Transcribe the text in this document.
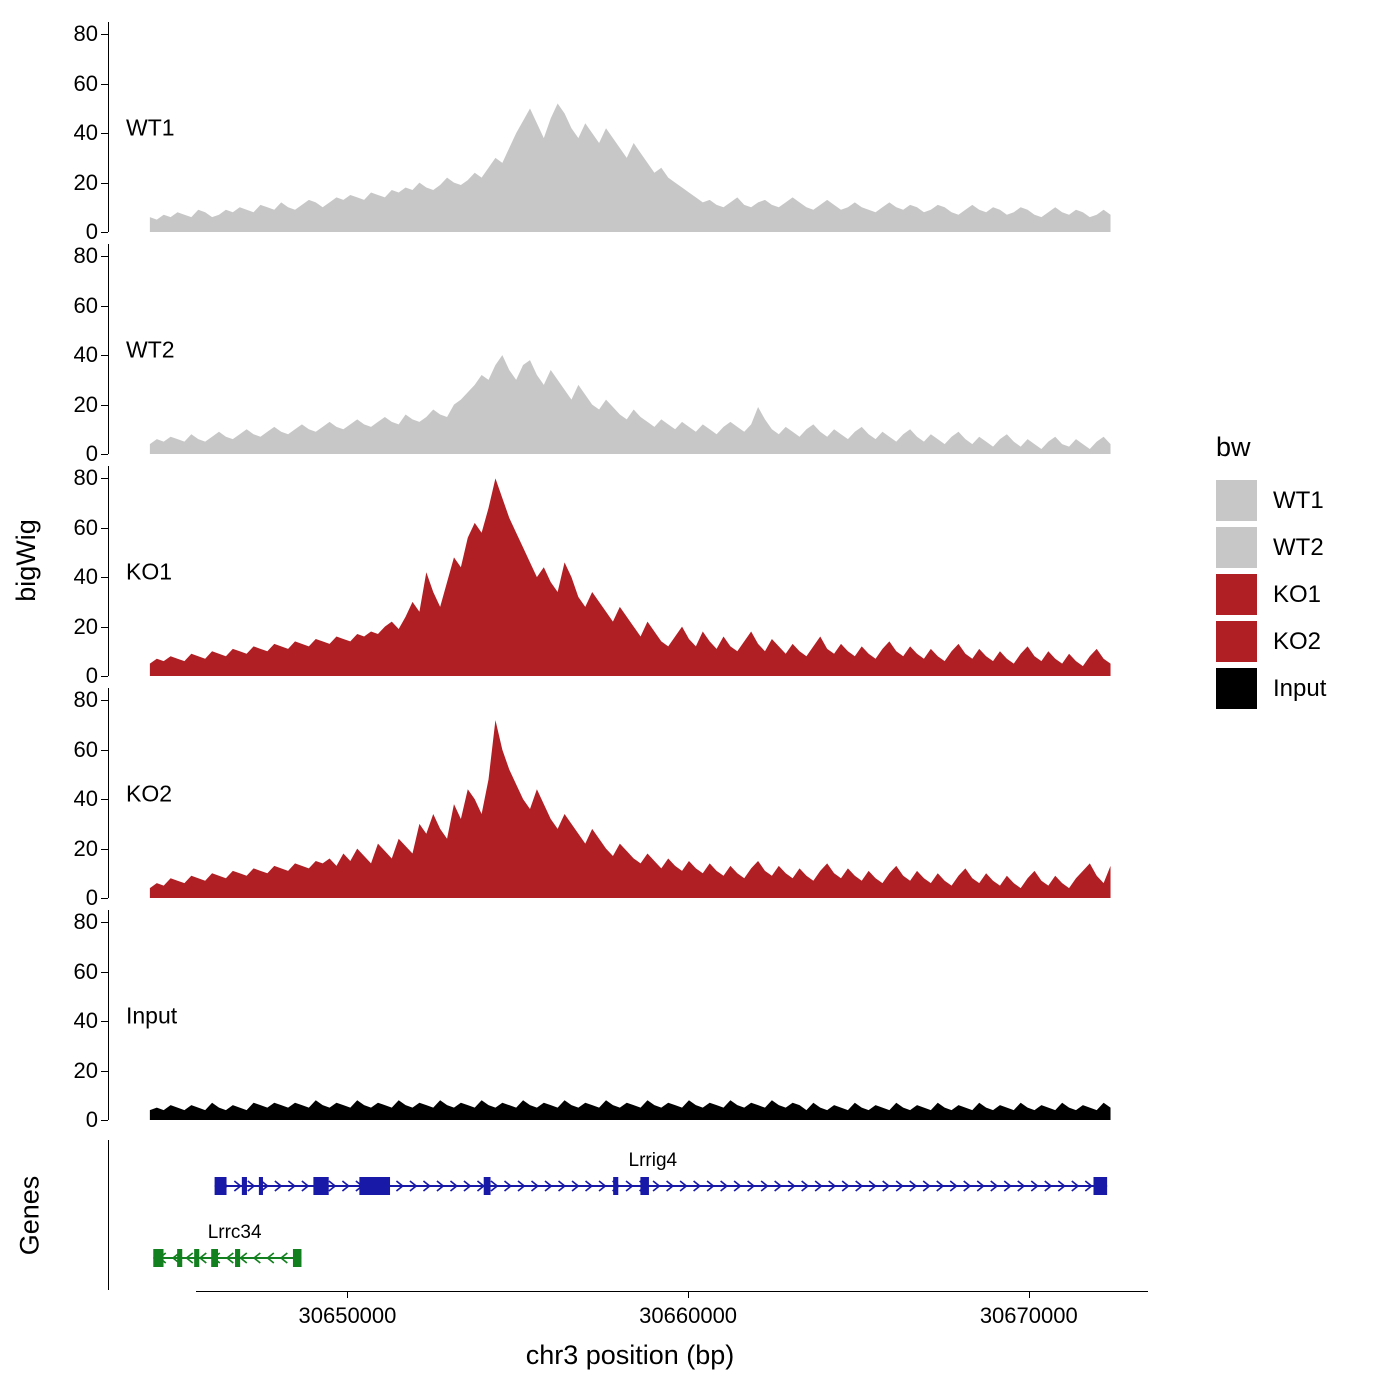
bigWig
Genes
0
20
40
60
80
WT1
0
20
40
60
80
WT2
0
20
40
60
80
KO1
0
20
40
60
80
KO2
0
20
40
60
80
Input
Lrrig4
Lrrc34
30650000	30660000	30670000
chr3 position (bp)
bw
WT1
WT2
KO1
KO2
Input
